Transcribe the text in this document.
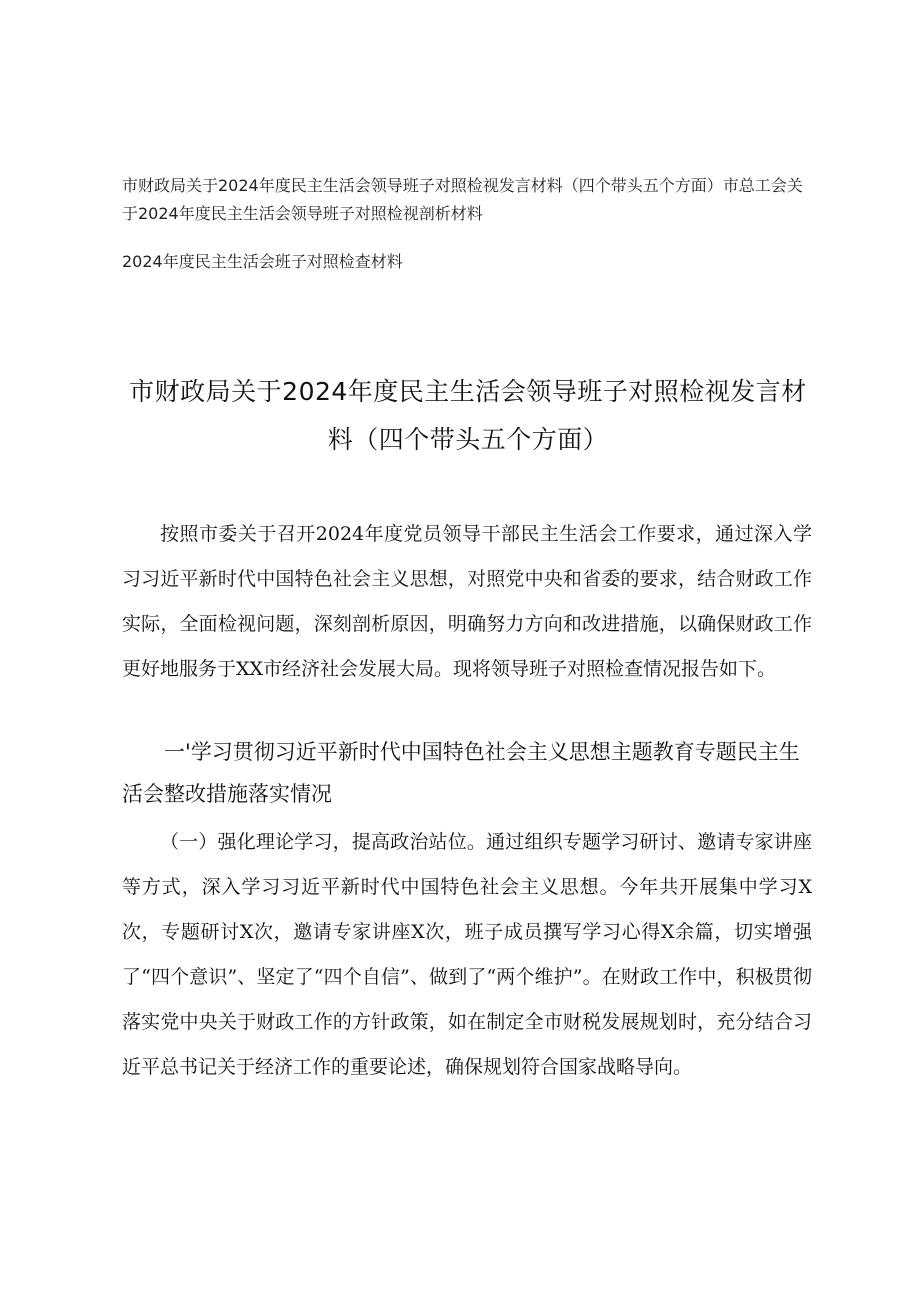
市财政局关于2024年度民主生活会领导班子对照检视发言材料（四个带头五个方面）市总工会关于2024年度民主生活会领导班子对照检视剖析材料

2024年度民主生活会班子对照检查材料

市财政局关于2024年度民主生活会领导班子对照检视发言材料（四个带头五个方面）

按照市委关于召开2024年度党员领导干部民主生活会工作要求，通过深入学习习近平新时代中国特色社会主义思想，对照党中央和省委的要求，结合财政工作实际，全面检视问题，深刻剖析原因，明确努力方向和改进措施，以确保财政工作更好地服务于XX市经济社会发展大局。现将领导班子对照检查情况报告如下。

一'学习贯彻习近平新时代中国特色社会主义思想主题教育专题民主生活会整改措施落实情况

（一）强化理论学习，提高政治站位。通过组织专题学习研讨、邀请专家讲座等方式，深入学习习近平新时代中国特色社会主义思想。今年共开展集中学习X次，专题研讨X次，邀请专家讲座X次，班子成员撰写学习心得X余篇，切实增强了“四个意识”、坚定了“四个自信”、做到了“两个维护”。在财政工作中，积极贯彻落实党中央关于财政工作的方针政策，如在制定全市财税发展规划时，充分结合习近平总书记关于经济工作的重要论述，确保规划符合国家战略导向。
